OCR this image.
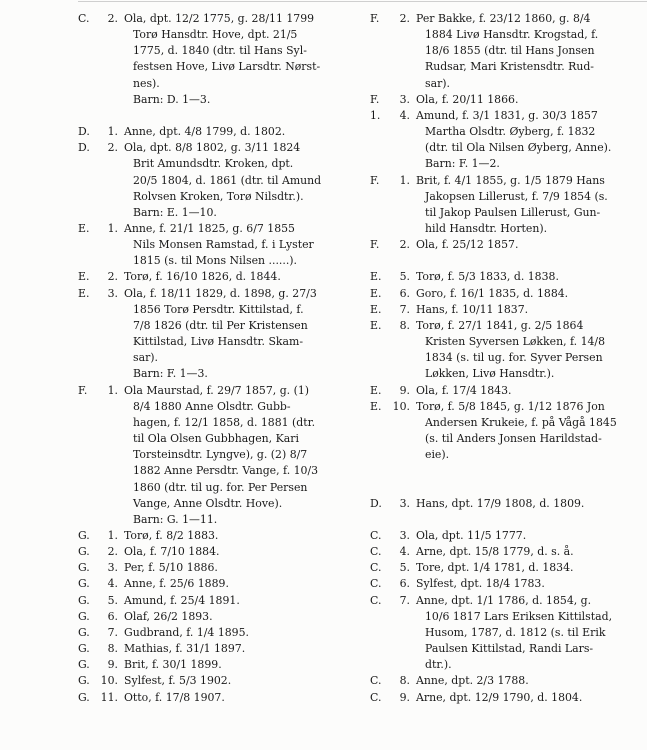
C.	2. Ola, dpt. 12/2 1775, g. 28/11 1799
Torø Hansdtr. Hove, dpt. 21/5
1775, d. 1840 (dtr. til Hans Syl-
festsen Hove, Livø Larsdtr. Nørst-
nes).
Barn: D. 1—3.
D.	1. Anne, dpt. 4/8 1799, d. 1802.
D.	2. Ola, dpt. 8/8 1802, g. 3/11 1824
Brit Amundsdtr. Kroken, dpt.
20/5 1804, d. 1861 (dtr. til Amund
Rolvsen Kroken, Torø Nilsdtr.).
Barn: E. 1—10.
E.	1. Anne, f. 21/1 1825, g. 6/7 1855
Nils Monsen Ramstad, f. i Lyster
1815 (s. til Mons Nilsen ......).
E.	2. Torø, f. 16/10 1826, d. 1844.
E.	3. Ola, f. 18/11 1829, d. 1898, g. 27/3
1856 Torø Persdtr. Kittilstad, f.
7/8 1826 (dtr. til Per Kristensen
Kittilstad, Livø Hansdtr. Skam-
sar).
Barn: F. 1—3.
F.	1. Ola Maurstad, f. 29/7 1857, g. (1)
8/4 1880 Anne Olsdtr. Gubb-
hagen, f. 12/1 1858, d. 1881 (dtr.
til Ola Olsen Gubbhagen, Kari
Torsteinsdtr. Lyngve), g. (2) 8/7
1882 Anne Persdtr. Vange, f. 10/3
1860 (dtr. til ug. for. Per Persen
Vange, Anne Olsdtr. Hove).
Barn: G. 1—11.
G.	1. Torø, f. 8/2 1883.
G.	2. Ola, f. 7/10 1884.
G.	3. Per, f. 5/10 1886.
G.	4. Anne, f. 25/6 1889.
G.	5. Amund, f. 25/4 1891.
G.	6. Olaf, 26/2 1893.
G.	7. Gudbrand, f. 1/4 1895.
G.	8. Mathias, f. 31/1 1897.
G.	9. Brit, f. 30/1 1899.
G. 10. Sylfest, f. 5/3 1902.
G. 11. Otto, f. 17/8 1907.
F.	2. Per Bakke, f. 23/12 1860, g. 8/4
1884 Livø Hansdtr. Krogstad, f.
18/6 1855 (dtr. til Hans Jonsen
Rudsar, Mari Kristensdtr. Rud-
sar).
F.	3. Ola, f. 20/11 1866.
1.	4. Amund, f. 3/1 1831, g. 30/3 1857
Martha Olsdtr. Øyberg, f. 1832
(dtr. til Ola Nilsen Øyberg, Anne).
Barn: F. 1—2.
F.	1. Brit, f. 4/1 1855, g. 1/5 1879 Hans
Jakopsen Lillerust, f. 7/9 1854 (s.
til Jakop Paulsen Lillerust, Gun-
hild Hansdtr. Horten).
F.	2. Ola, f. 25/12 1857.
E.	5. Torø, f. 5/3 1833, d. 1838.
E.	6. Goro, f. 16/1 1835, d. 1884.
E.	7. Hans, f. 10/11 1837.
E.	8. Torø, f. 27/1 1841, g. 2/5 1864
Kristen Syversen Løkken, f. 14/8
1834 (s. til ug. for. Syver Persen
Løkken, Livø Hansdtr.).
E.	9. Ola, f. 17/4 1843.
E.	10. Torø, f. 5/8 1845, g. 1/12 1876 Jon
Andersen Krukeie, f. på Vågå 1845
(s. til Anders Jonsen Harildstad-
eie).
D.	3. Hans, dpt. 17/9 1808, d. 1809.
C.	3. Ola, dpt. 11/5 1777.
C.	4. Arne, dpt. 15/8 1779, d. s. å.
C.	5. Tore, dpt. 1/4 1781, d. 1834.
C.	6. Sylfest, dpt. 18/4 1783.
C.	7. Anne, dpt. 1/1 1786, d. 1854, g.
10/6 1817 Lars Eriksen Kittilstad,
Husom, 1787, d. 1812 (s. til Erik
Paulsen Kittilstad, Randi Lars-
dtr.).
C.	8. Anne, dpt. 2/3 1788.
C.	9. Arne, dpt. 12/9 1790, d. 1804.
